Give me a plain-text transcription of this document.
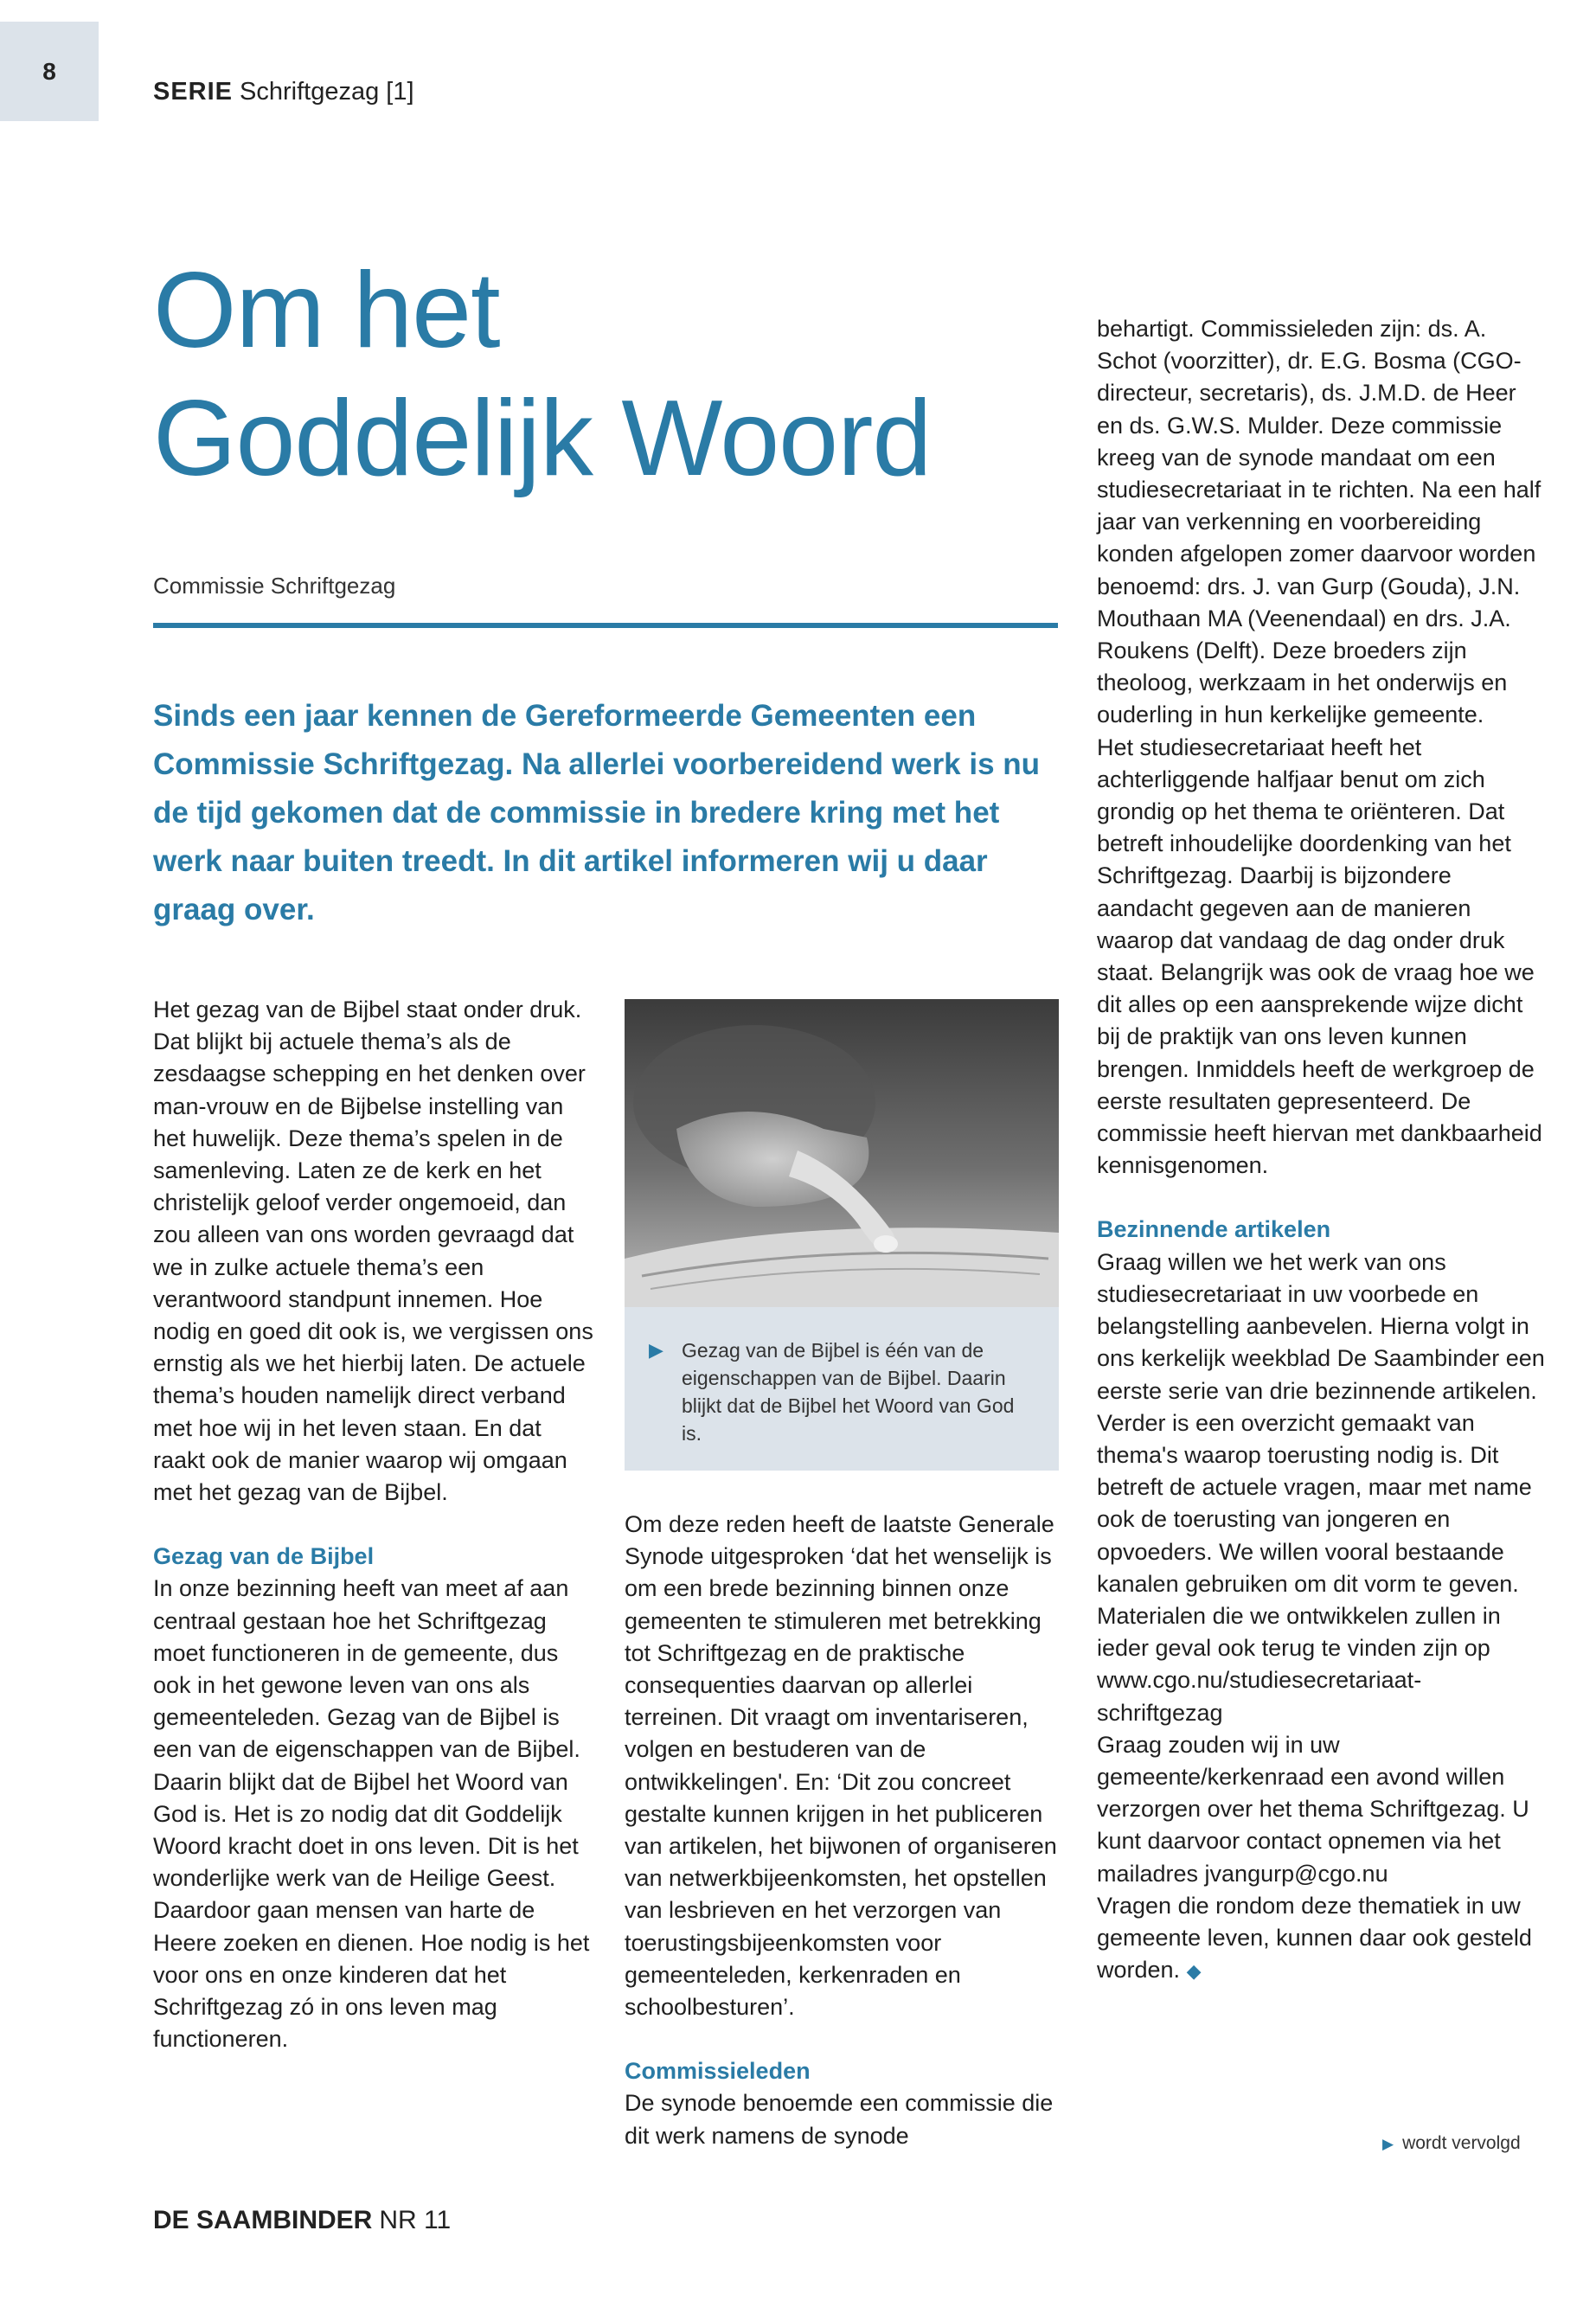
8
SERIE Schriftgezag [1]
Om het
Goddelijk Woord
Commissie Schriftgezag
Sinds een jaar kennen de Gereformeerde Gemeenten een Commissie Schriftgezag. Na allerlei voorbereidend werk is nu de tijd gekomen dat de commissie in bredere kring met het werk naar buiten treedt. In dit artikel informeren wij u daar graag over.

Het gezag van de Bijbel staat onder druk. Dat blijkt bij actuele thema’s als de zesdaagse schepping en het denken over man-vrouw en de Bijbelse instelling van het huwelijk. Deze thema’s spelen in de samenleving. Laten ze de kerk en het christelijk geloof verder ongemoeid, dan zou alleen van ons worden gevraagd dat we in zulke actuele thema’s een verantwoord standpunt innemen. Hoe nodig en goed dit ook is, we vergissen ons ernstig als we het hierbij laten. De actuele thema’s houden namelijk direct verband met hoe wij in het leven staan. En dat raakt ook de manier waarop wij omgaan met het gezag van de Bijbel.

Gezag van de Bijbel

In onze bezinning heeft van meet af aan centraal gestaan hoe het Schriftgezag moet functioneren in de gemeente, dus ook in het gewone leven van ons als gemeenteleden. Gezag van de Bijbel is een van de eigenschappen van de Bijbel. Daarin blijkt dat de Bijbel het Woord van God is. Het is zo nodig dat dit Goddelijk Woord kracht doet in ons leven. Dit is het wonderlijke werk van de Heilige Geest. Daardoor gaan mensen van harte de Heere zoeken en dienen. Hoe nodig is het voor ons en onze kinderen dat het Schriftgezag zó in ons leven mag functioneren.

▶ Gezag van de Bijbel is één van de eigenschappen van de Bijbel. Daarin blijkt dat de Bijbel het Woord van God is.

Om deze reden heeft de laatste Generale Synode uitgesproken ‘dat het wenselijk is om een brede bezinning binnen onze gemeenten te stimuleren met betrekking tot Schriftgezag en de praktische consequenties daarvan op allerlei terreinen. Dit vraagt om inventariseren, volgen en bestuderen van de ontwikkelingen'. En: ‘Dit zou concreet gestalte kunnen krijgen in het publiceren van artikelen, het bijwonen of organiseren van netwerkbijeenkomsten, het opstellen van lesbrieven en het verzorgen van toerustingsbijeenkomsten voor gemeenteleden, kerkenraden en schoolbesturen’.

Commissieleden

De synode benoemde een commissie die dit werk namens de synode

behartigt. Commissieleden zijn: ds. A. Schot (voorzitter), dr. E.G. Bosma (CGO-directeur, secretaris), ds. J.M.D. de Heer en ds. G.W.S. Mulder. Deze commissie kreeg van de synode mandaat om een studiesecretariaat in te richten. Na een half jaar van verkenning en voorbereiding konden afgelopen zomer daarvoor worden benoemd: drs. J. van Gurp (Gouda), J.N. Mouthaan MA (Veenendaal) en drs. J.A. Roukens (Delft). Deze broeders zijn theoloog, werkzaam in het onderwijs en ouderling in hun kerkelijke gemeente.

Het studiesecretariaat heeft het achterliggende halfjaar benut om zich grondig op het thema te oriënteren. Dat betreft inhoudelijke doordenking van het Schriftgezag. Daarbij is bijzondere aandacht gegeven aan de manieren waarop dat vandaag de dag onder druk staat. Belangrijk was ook de vraag hoe we dit alles op een aansprekende wijze dicht bij de praktijk van ons leven kunnen brengen. Inmiddels heeft de werkgroep de eerste resultaten gepresenteerd. De commissie heeft hiervan met dankbaarheid kennisgenomen.

Bezinnende artikelen

Graag willen we het werk van ons studiesecretariaat in uw voorbede en belangstelling aanbevelen. Hierna volgt in ons kerkelijk weekblad De Saambinder een eerste serie van drie bezinnende artikelen. Verder is een overzicht gemaakt van thema's waarop toerusting nodig is. Dit betreft de actuele vragen, maar met name ook de toerusting van jongeren en opvoeders. We willen vooral bestaande kanalen gebruiken om dit vorm te geven. Materialen die we ontwikkelen zullen in ieder geval ook terug te vinden zijn op www.cgo.nu/studiesecretariaat-schriftgezag

Graag zouden wij in uw gemeente/kerkenraad een avond willen verzorgen over het thema Schriftgezag. U kunt daarvoor contact opnemen via het mailadres jvangurp@cgo.nu

Vragen die rondom deze thematiek in uw gemeente leven, kunnen daar ook gesteld worden. ◆

▶ wordt vervolgd
DE SAAMBINDER NR 11
